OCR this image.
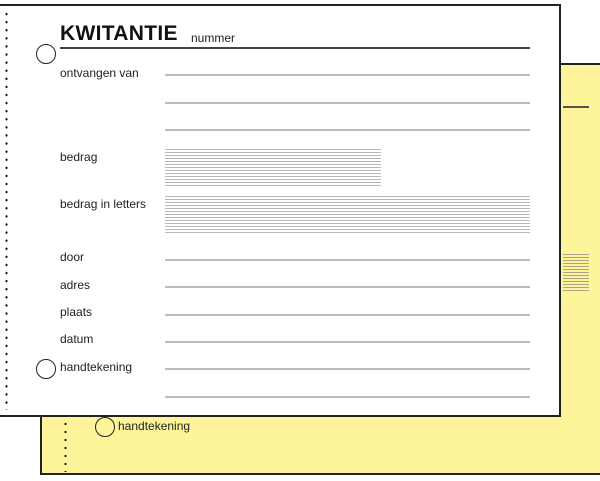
handtekening
KWITANTIE nummer
ontvangen van
bedrag
bedrag in letters
door
adres
plaats
datum
handtekening
